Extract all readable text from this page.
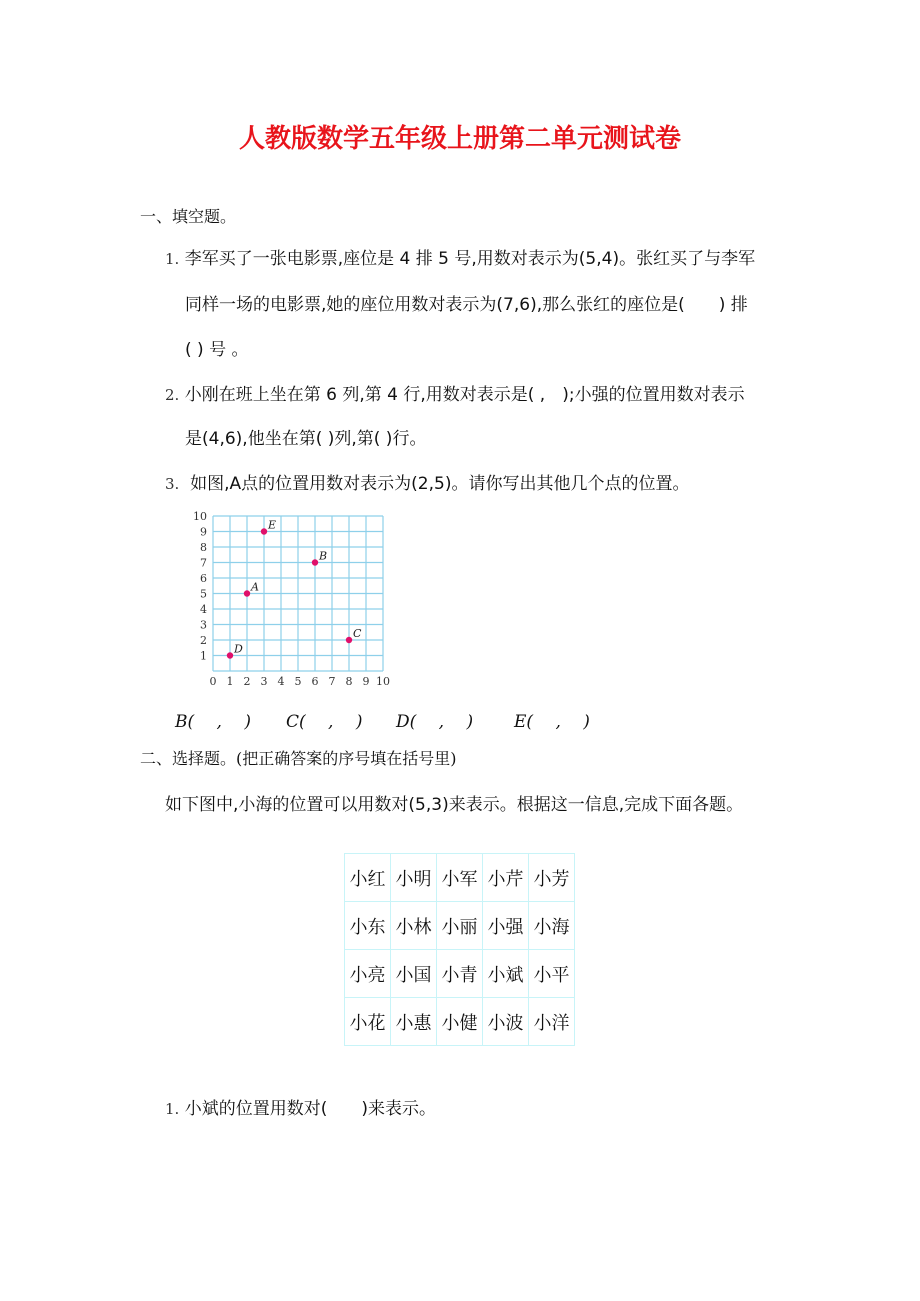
人教版数学五年级上册第二单元测试卷
一、填空题。
1. 李军买了一张电影票,座位是 4 排 5 号,用数对表示为(5,4)。张红买了与李军
同样一场的电影票,她的座位用数对表示为(7,6),那么张红的座位是(　　) 排
( ) 号 。
2. 小刚在班上坐在第 6 列,第 4 行,用数对表示是( ,　);小强的位置用数对表示
是(4,6),他坐在第( )列,第( )行。
3. 如图,A点的位置用数对表示为(2,5)。请你写出其他几个点的位置。
0 1 2 3 4 5 6 7 8 9 10
1
2
3
4
5
6
7
8
9
10
E
B
A
C
D
B(　 ,　 ) C(　 ,　 ) D(　 ,　 ) E(　 ,　 )
二、选择题。(把正确答案的序号填在括号里)
如下图中,小海的位置可以用数对(5,3)来表示。根据这一信息,完成下面各题。
小红	小明	小军	小芹	小芳
小东	小林	小丽	小强	小海
小亮	小国	小青	小斌	小平
小花	小惠	小健	小波	小洋
1. 小斌的位置用数对(　　)来表示。
